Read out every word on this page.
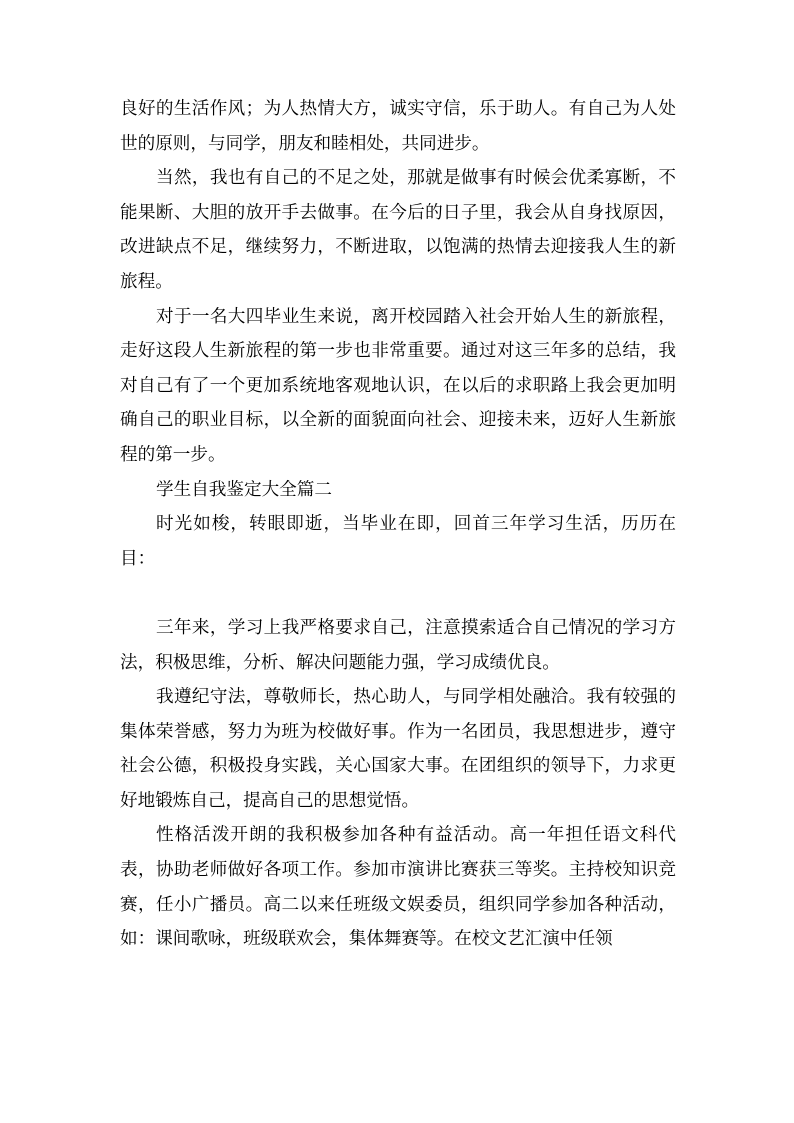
良好的生活作风；为人热情大方，诚实守信，乐于助人。有自己为人处世的原则，与同学，朋友和睦相处，共同进步。

当然，我也有自己的不足之处，那就是做事有时候会优柔寡断，不能果断、大胆的放开手去做事。在今后的日子里，我会从自身找原因，改进缺点不足，继续努力，不断进取，以饱满的热情去迎接我人生的新旅程。

对于一名大四毕业生来说，离开校园踏入社会开始人生的新旅程，走好这段人生新旅程的第一步也非常重要。通过对这三年多的总结，我对自己有了一个更加系统地客观地认识，在以后的求职路上我会更加明确自己的职业目标，以全新的面貌面向社会、迎接未来，迈好人生新旅程的第一步。

学生自我鉴定大全篇二

时光如梭，转眼即逝，当毕业在即，回首三年学习生活，历历在目：

三年来，学习上我严格要求自己，注意摸索适合自己情况的学习方法，积极思维，分析、解决问题能力强，学习成绩优良。

我遵纪守法，尊敬师长，热心助人，与同学相处融洽。我有较强的集体荣誉感，努力为班为校做好事。作为一名团员，我思想进步，遵守社会公德，积极投身实践，关心国家大事。在团组织的领导下，力求更好地锻炼自己，提高自己的思想觉悟。

性格活泼开朗的我积极参加各种有益活动。高一年担任语文科代表，协助老师做好各项工作。参加市演讲比赛获三等奖。主持校知识竞赛，任小广播员。高二以来任班级文娱委员，组织同学参加各种活动，如：课间歌咏，班级联欢会，集体舞赛等。在校文艺汇演中任领
